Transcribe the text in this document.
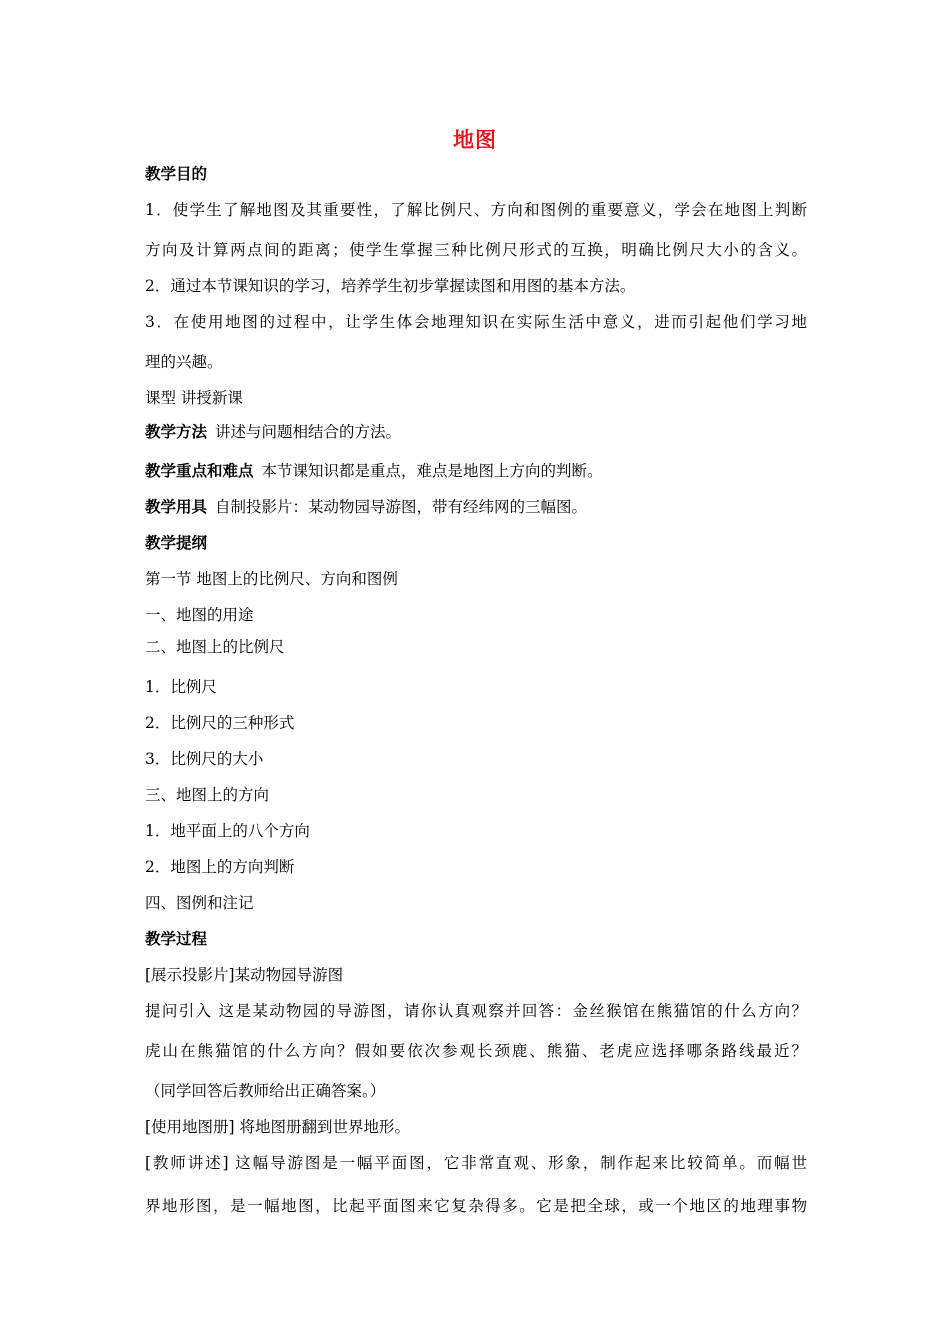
地图
教学目的
1．使学生了解地图及其重要性，了解比例尺、方向和图例的重要意义，学会在地图上判断
方向及计算两点间的距离；使学生掌握三种比例尺形式的互换，明确比例尺大小的含义。
2．通过本节课知识的学习，培养学生初步掌握读图和用图的基本方法。
3．在使用地图的过程中，让学生体会地理知识在实际生活中意义，进而引起他们学习地
理的兴趣。
课型 讲授新课
教学方法 讲述与问题相结合的方法。
教学重点和难点 本节课知识都是重点，难点是地图上方向的判断。
教学用具 自制投影片：某动物园导游图，带有经纬网的三幅图。
教学提纲
第一节 地图上的比例尺、方向和图例
一、地图的用途
二、地图上的比例尺
1．比例尺
2．比例尺的三种形式
3．比例尺的大小
三、地图上的方向
1．地平面上的八个方向
2．地图上的方向判断
四、图例和注记
教学过程
[展示投影片]某动物园导游图
提问引入 这是某动物园的导游图，请你认真观察并回答：金丝猴馆在熊猫馆的什么方向？
虎山在熊猫馆的什么方向？假如要依次参观长颈鹿、熊猫、老虎应选择哪条路线最近？
（同学回答后教师给出正确答案。）
[使用地图册] 将地图册翻到世界地形。
[教师讲述] 这幅导游图是一幅平面图，它非常直观、形象，制作起来比较简单。而幅世
界地形图，是一幅地图，比起平面图来它复杂得多。它是把全球，或一个地区的地理事物
